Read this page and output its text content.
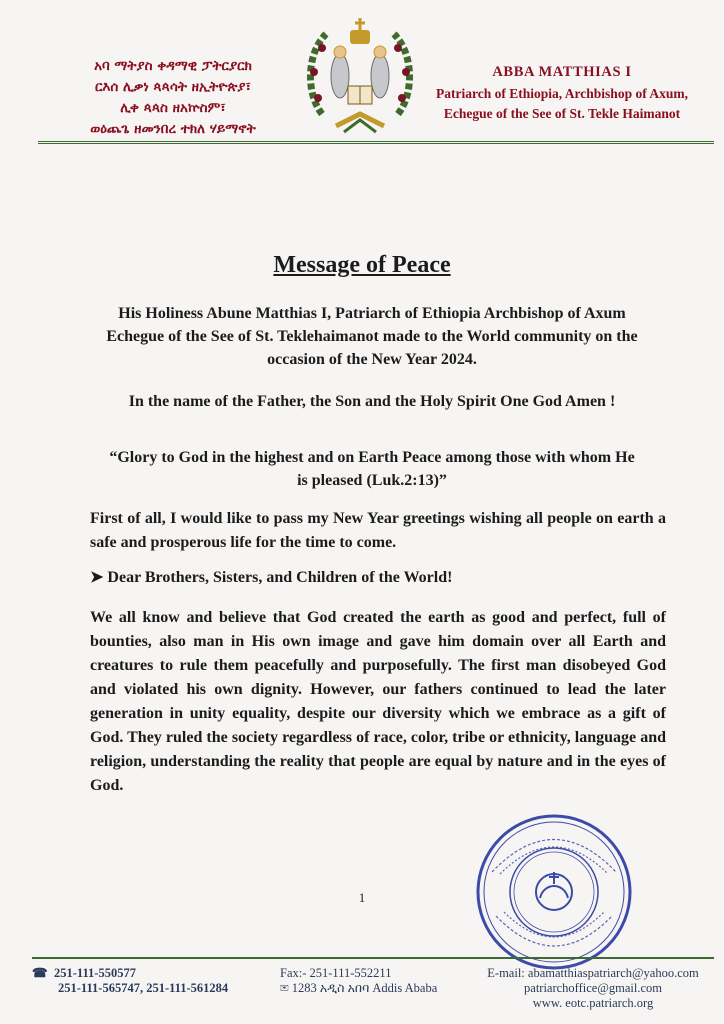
አባ ማትያስ ቀዳማዊ ፓትርያርክ
ርእሰ ሊቃነ ጳጳሳት ዘኢትዮጵያ፣
ሊቀ ጳጳስ ዘአኵስም፣
ወዕጨጌ ዘመንበረ ተክለ ሃይማኖት
ABBA MATTHIAS I
Patriarch of Ethiopia, Archbishop of Axum,
Echegue of the See of St. Tekle Haimanot
Message of Peace
His Holiness Abune Matthias I, Patriarch of Ethiopia Archbishop of Axum Echegue of the See of St. Teklehaimanot made to the World community on the occasion of the New Year 2024.
In the name of the Father, the Son and the Holy Spirit One God Amen !
“Glory to God in the highest and on Earth Peace among those with whom He is pleased (Luk.2:13)”
First of all, I would like to pass my New Year greetings wishing all people on earth a safe and prosperous life for the time to come.
➤ Dear Brothers, Sisters, and Children of the World!
We all know and believe that God created the earth as good and perfect, full of bounties, also man in His own image and gave him domain over all Earth and creatures to rule them peacefully and purposefully. The first man disobeyed God and violated his own dignity. However, our fathers continued to lead the later generation in unity equality, despite our diversity which we embrace as a gift of God. They ruled the society regardless of race, color, tribe or ethnicity, language and religion, understanding the reality that people are equal by nature and in the eyes of God.
1
☎ 251-111-550577
251-111-565747, 251-111-561284
Fax:- 251-111-552211
✉ 1283 አዲስ አበባ Addis Ababa
E-mail: abamatthiaspatriarch@yahoo.com
patriarchoffice@gmail.com
www. eotc.patriarch.org
